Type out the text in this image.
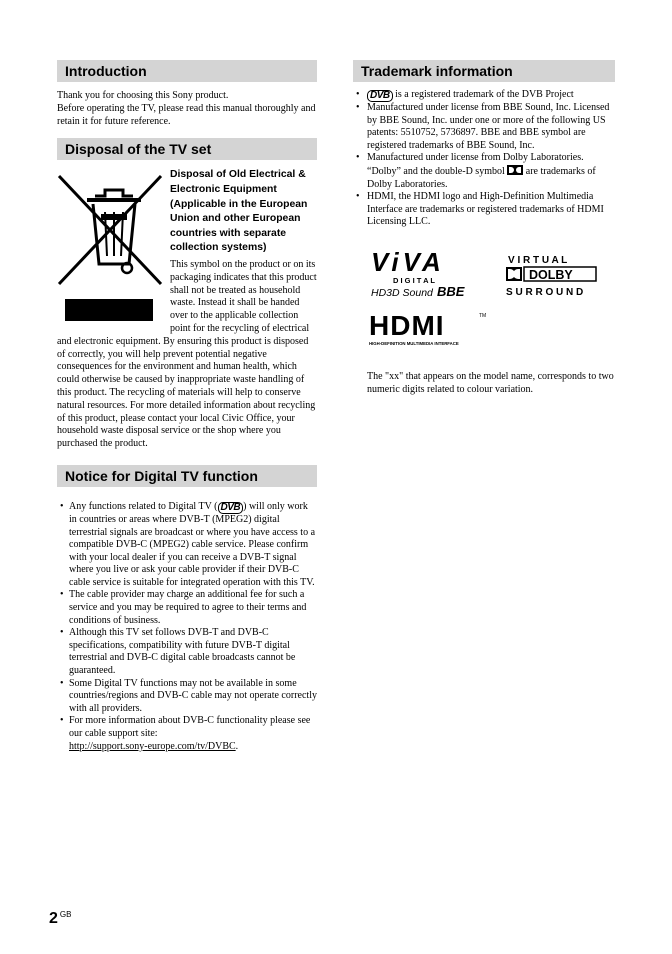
Introduction

Thank you for choosing this Sony product.
Before operating the TV, please read this manual thoroughly and retain it for future reference.

Disposal of the TV set
Disposal of Old Electrical & Electronic Equipment (Applicable in the European Union and other European countries with separate collection systems)

This symbol on the product or on its packaging indicates that this product shall not be treated as household waste. Instead it shall be handed over to the applicable collection point for the recycling of electrical and electronic equipment. By ensuring this product is disposed of correctly, you will help prevent potential negative consequences for the environment and human health, which could otherwise be caused by inappropriate waste handling of this product. The recycling of materials will help to conserve natural resources. For more detailed information about recycling of this product, please contact your local Civic Office, your household waste disposal service or the shop where you purchased the product.

Notice for Digital TV function
• Any functions related to Digital TV ( DVB ) will only work in countries or areas where DVB-T (MPEG2) digital terrestrial signals are broadcast or where you have access to a compatible DVB-C (MPEG2) cable service. Please confirm with your local dealer if you can receive a DVB-T signal where you live or ask your cable provider if their DVB-C cable service is suitable for integrated operation with this TV.
• The cable provider may charge an additional fee for such a service and you may be required to agree to their terms and conditions of business.
• Although this TV set follows DVB-T and DVB-C specifications, compatibility with future DVB-T digital terrestrial and DVB-C digital cable broadcasts cannot be guaranteed.
• Some Digital TV functions may not be available in some countries/regions and DVB-C cable may not operate correctly with all providers.
• For more information about DVB-C functionality please see our cable support site:
http://support.sony-europe.com/tv/DVBC.
Trademark information
• DVB is a registered trademark of the DVB Project
• Manufactured under license from BBE Sound, Inc. Licensed by BBE Sound, Inc. under one or more of the following US patents: 5510752, 5736897. BBE and BBE symbol are registered trademarks of BBE Sound, Inc.
• Manufactured under license from Dolby Laboratories. “Dolby” and the double-D symbol  are trademarks of Dolby Laboratories.
• HDMI, the HDMI logo and High-Definition Multimedia Interface are trademarks or registered trademarks of HDMI Licensing LLC.
ViVA
D I G I T A L
HD3D Sound BBE
V I R T U A L
DOLBY
S U R R O U N D
HDMI	TM
HIGH-DEFINITION MULTIMEDIA INTERFACE

The "xx" that appears on the model name, corresponds to two numeric digits related to colour variation.

2 $^{GB}$
